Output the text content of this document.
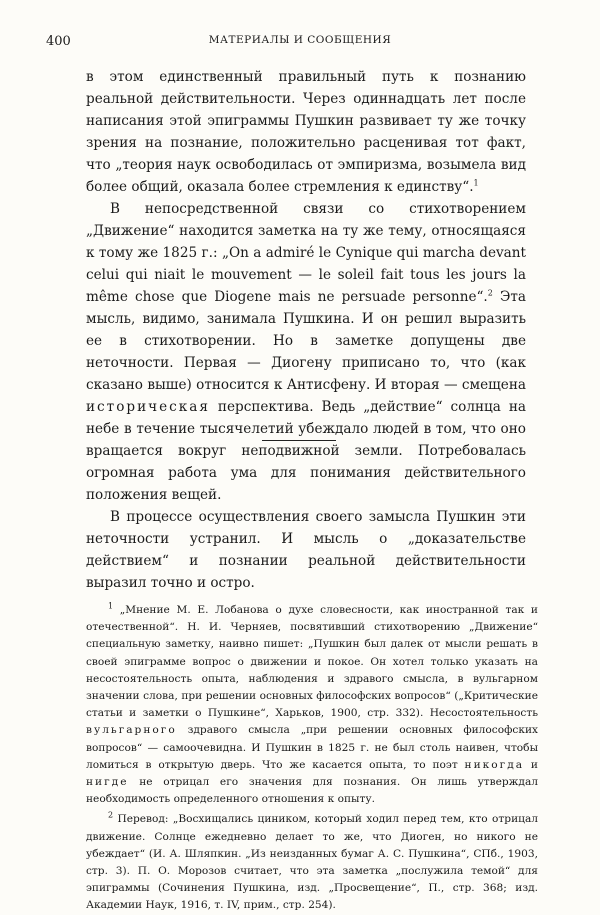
400	МАТЕРИАЛЫ И СООБЩЕНИЯ

в этом единственный правильный путь к познанию реальной действительности. Через одиннадцать лет после написания этой эпиграммы Пушкин развивает ту же точку зрения на познание, положительно расценивая тот факт, что „теория наук освободилась от эмпиризма, возымела вид более общий, оказала более стремления к единству“.$^1$

В непосредственной связи со стихотворением „Движение“ находится заметка на ту же тему, относящаяся к тому же 1825 г.: „On a admiré le Cynique qui marcha devant celui qui niait le mouvement — le soleil fait tous les jours la même chose que Diogene mais ne persuade personne“.$^2$ Эта мысль, видимо, занимала Пушкина. И он решил выразить ее в стихотворении. Но в заметке допущены две неточности. Первая — Диогену приписано то, что (как сказано выше) относится к Антисфену. И вторая — смещена историческая перспектива. Ведь „действие“ солнца на небе в течение тысячелетий убеждало людей в том, что оно вращается вокруг неподвижной земли. Потребовалась огромная работа ума для понимания действительного положения вещей.

В процессе осуществления своего замысла Пушкин эти неточности устранил. И мысль о „доказательстве действием“ и познании реальной действительности выразил точно и остро.

$^1$ „Мнение М. Е. Лобанова о духе словесности, как иностранной так и отечественной“. Н. И. Черняев, посвятивший стихотворению „Движение“ специальную заметку, наивно пишет: „Пушкин был далек от мысли решать в своей эпиграмме вопрос о движении и покое. Он хотел только указать на несостоятельность опыта, наблюдения и здравого смысла, в вульгарном значении слова, при решении основных философских вопросов“ („Критические статьи и заметки о Пушкине“, Харьков, 1900, стр. 332). Несостоятельность вульгарного здравого смысла „при решении основных философских вопросов“ — самоочевидна. И Пушкин в 1825 г. не был столь наивен, чтобы ломиться в открытую дверь. Что же касается опыта, то поэт никогда и нигде не отрицал его значения для познания. Он лишь утверждал необходимость определенного отношения к опыту.

$^2$ Перевод: „Восхищались циником, который ходил перед тем, кто отрицал движение. Солнце ежедневно делает то же, что Диоген, но никого не убеждает“ (И. А. Шляпкин. „Из неизданных бумаг А. С. Пушкина“, СПб., 1903, стр. 3). П. О. Морозов считает, что эта заметка „послужила темой“ для эпиграммы (Сочинения Пушкина, изд. „Просвещение“, П., стр. 368; изд. Академии Наук, 1916, т. IV, прим., стр. 254).
